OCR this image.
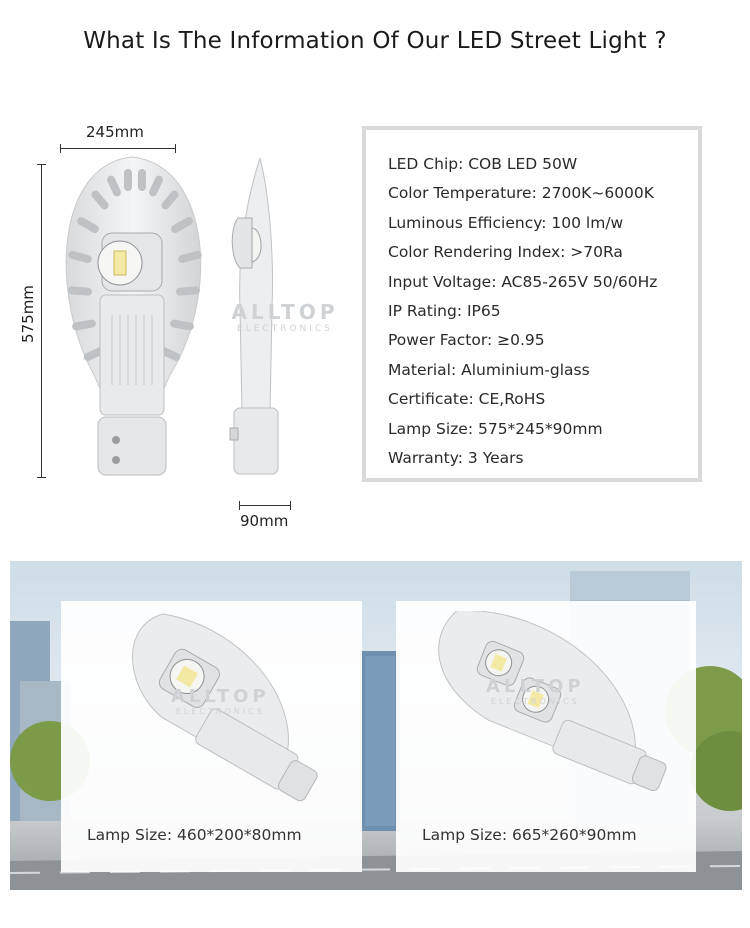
What Is The Information Of Our LED Street Light ?
245mm
575mm	ALLTOP
ELECTRONICS
90mm
LED Chip: COB LED 50W
Color Temperature: 2700K~6000K
Luminous Efficiency: 100 lm/w
Color Rendering Index: >70Ra
Input Voltage: AC85-265V 50/60Hz
IP Rating: IP65
Power Factor: ≥0.95
Material: Aluminium-glass
Certificate: CE,RoHS
Lamp Size: 575*245*90mm
Warranty: 3 Years
ALLTOP
ELECTRONICS
Lamp Size: 460*200*80mm
ALLTOP
ELECTRONICS
Lamp Size: 665*260*90mm
